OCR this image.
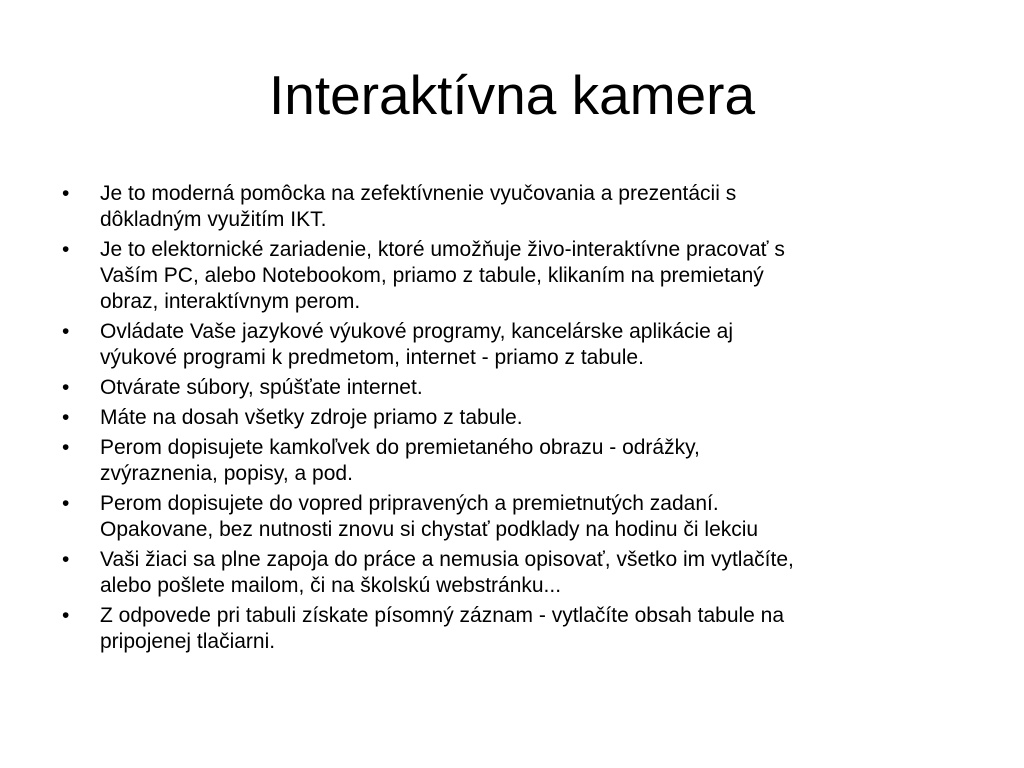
Interaktívna kamera
•	Je to moderná pomôcka na zefektívnenie vyučovania a prezentácii s
dôkladným využitím IKT.
•	Je to elektornické zariadenie, ktoré umožňuje živo-interaktívne pracovať s
Vaším PC, alebo Notebookom, priamo z tabule, klikaním na premietaný
obraz, interaktívnym perom.
•	Ovládate Vaše jazykové výukové programy, kancelárske aplikácie aj
výukové programi k predmetom, internet - priamo z tabule.
•	Otvárate súbory, spúšťate internet.
•	Máte na dosah všetky zdroje priamo z tabule.
•	Perom dopisujete kamkoľvek do premietaného obrazu - odrážky,
zvýraznenia, popisy, a pod.
•	Perom dopisujete do vopred pripravených a premietnutých zadaní.
Opakovane, bez nutnosti znovu si chystať podklady na hodinu či lekciu
•	Vaši žiaci sa plne zapoja do práce a nemusia opisovať, všetko im vytlačíte,
alebo pošlete mailom, či na školskú webstránku...
•	Z odpovede pri tabuli získate písomný záznam - vytlačíte obsah tabule na
pripojenej tlačiarni.
